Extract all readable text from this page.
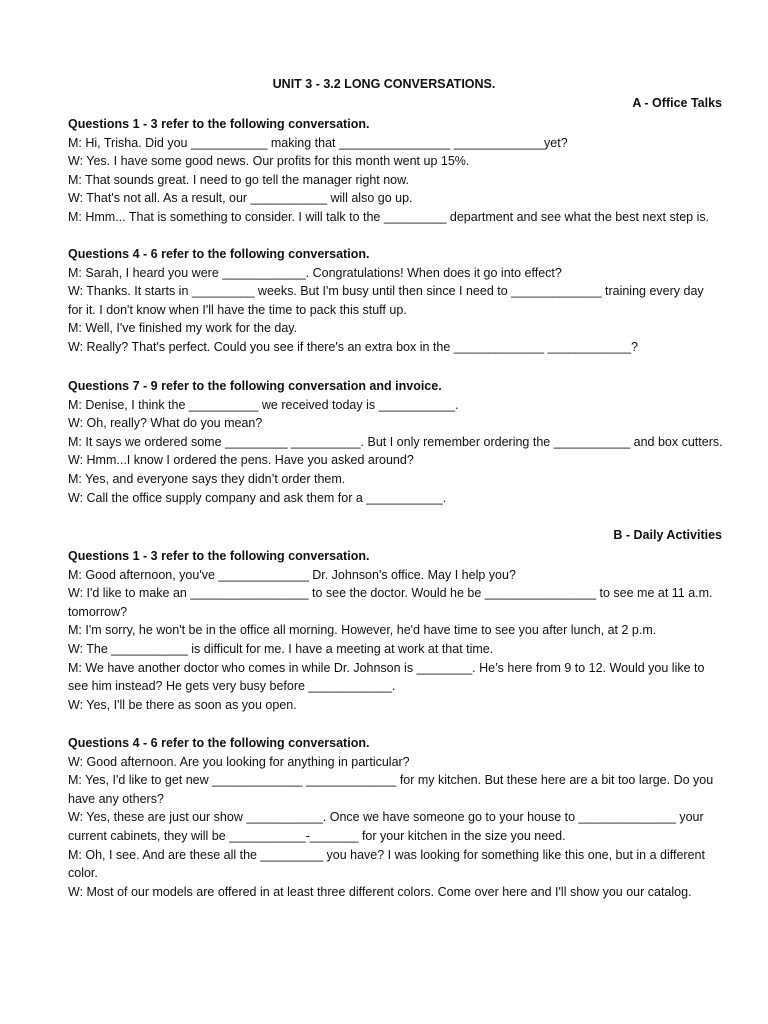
UNIT 3 - 3.2 LONG CONVERSATIONS.
A - Office Talks
Questions 1 - 3 refer to the following conversation.
M: Hi, Trisha. Did you ___________ making that ________________ _____________yet?
W: Yes. I have some good news. Our profits for this month went up 15%.
M: That sounds great. I need to go tell the manager right now.
W: That's not all. As a result, our ___________ will also go up.
M: Hmm... That is something to consider. I will talk to the _________ department and see what the best next step is.
Questions 4 - 6 refer to the following conversation.
M: Sarah, I heard you were ____________. Congratulations! When does it go into effect?
W: Thanks. It starts in _________ weeks. But I'm busy until then since I need to _____________ training every day
for it. I don't know when I'll have the time to pack this stuff up.
M: Well, I've finished my work for the day.
W: Really? That's perfect. Could you see if there's an extra box in the _____________ ____________?
Questions 7 - 9 refer to the following conversation and invoice.
M: Denise, I think the __________ we received today is ___________.
W: Oh, really? What do you mean?
M: It says we ordered some _________ __________. But I only remember ordering the ___________ and box cutters.
W: Hmm...I know I ordered the pens. Have you asked around?
M: Yes, and everyone says they didn’t order them.
W: Call the office supply company and ask them for a ___________.
B - Daily Activities
Questions 1 - 3 refer to the following conversation.
M: Good afternoon, you've _____________ Dr. Johnson's office. May I help you?
W: I'd like to make an _________________ to see the doctor. Would he be ________________ to see me at 11 a.m.
tomorrow?
M: I'm sorry, he won't be in the office all morning. However, he'd have time to see you after lunch, at 2 p.m.
W: The ___________ is difficult for me. I have a meeting at work at that time.
M: We have another doctor who comes in while Dr. Johnson is ________. He’s here from 9 to 12. Would you like to
see him instead? He gets very busy before ____________.
W: Yes, I'll be there as soon as you open.
Questions 4 - 6 refer to the following conversation.
W: Good afternoon. Are you looking for anything in particular?
M: Yes, I'd like to get new _____________ _____________ for my kitchen. But these here are a bit too large. Do you
have any others?
W: Yes, these are just our show ___________. Once we have someone go to your house to ______________ your
current cabinets, they will be ___________-_______ for your kitchen in the size you need.
M: Oh, I see. And are these all the _________ you have? I was looking for something like this one, but in a different
color.
W: Most of our models are offered in at least three different colors. Come over here and I'll show you our catalog.
